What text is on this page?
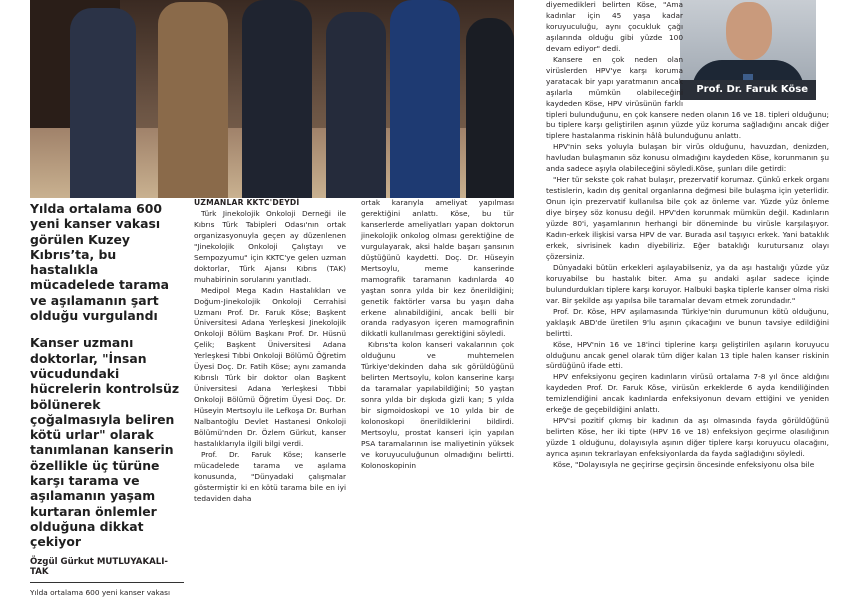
Yılda ortalama 600 yeni kanser vakası görülen Kuzey Kıbrıs’ta, bu hastalıkla mücadelede tarama ve aşılamanın şart olduğu vurgulandı

Kanser uzmanı doktorlar, "İnsan vücudundaki hücrelerin kontrolsüz bölünerek çoğalmasıyla beliren kötü urlar" olarak tanımlanan kanserin özellikle üç türüne karşı tarama ve aşılamanın yaşam kurtaran önlemler olduğuna dikkat çekiyor

Özgül Gürkut MUTLUYAKALI-TAK
Yılda ortalama 600 yeni kanser vakası
UZMANLAR KKTC'DEYDİ

Türk Jinekolojik Onkoloji Derneği ile Kıbrıs Türk Tabipleri Odası'nın ortak organizasyonuyla geçen ay düzenlenen "Jinekolojik Onkoloji Çalıştayı ve Sempozyumu" için KKTC'ye gelen uzman doktorlar, Türk Ajansı Kıbrıs (TAK) muhabirinin sorularını yanıtladı.

Medipol Mega Kadın Hastalıkları ve Doğum-Jinekolojik Onkoloji Cerrahisi Uzmanı Prof. Dr. Faruk Köse; Başkent Üniversitesi Adana Yerleşkesi Jinekolojik Onkoloji Bölüm Başkanı Prof. Dr. Hüsnü Çelik; Başkent Üniversitesi Adana Yerleşkesi Tıbbi Onkoloji Bölümü Öğretim Üyesi Doç. Dr. Fatih Köse; aynı zamanda Kıbrıslı Türk bir doktor olan Başkent Üniversitesi Adana Yerleşkesi Tıbbi Onkoloji Bölümü Öğretim Üyesi Doç. Dr. Hüseyin Mertsoylu ile Lefkoşa Dr. Burhan Nalbantoğlu Devlet Hastanesi Onkoloji Bölümü'nden Dr. Özlem Gürkut, kanser hastalıklarıyla ilgili bilgi verdi.

Prof. Dr. Faruk Köse; kanserle mücadelede tarama ve aşılama konusunda, "Dünyadaki çalışmalar göstermiştir ki en kötü tarama bile en iyi tedaviden daha

ortak kararıyla ameliyat yapılması gerektiğini anlattı. Köse, bu tür kanserlerde ameliyatları yapan doktorun jinekolojik onkolog olması gerektiğine de vurgulayarak, aksi halde başarı şansının düştüğünü kaydetti. Doç. Dr. Hüseyin Mertsoylu, meme kanserinde mamografik taramanın kadınlarda 40 yaştan sonra yılda bir kez önerildiğini; genetik faktörler varsa bu yaşın daha erkene alınabildiğini, ancak belli bir oranda radyasyon içeren mamografinin dikkatli kullanılması gerektiğini söyledi.

Kıbrıs'ta kolon kanseri vakalarının çok olduğunu ve muhtemelen Türkiye'dekinden daha sık görüldüğünü belirten Mertsoylu, kolon kanserine karşı da taramalar yapılabildiğini; 50 yaştan sonra yılda bir dışkıda gizli kan; 5 yılda bir sigmoidoskopi ve 10 yılda bir de kolonoskopi önerildiklerini bildirdi. Mertsoylu, prostat kanseri için yapılan PSA taramalarının ise maliyetinin yüksek ve koruyuculuğunun olmadığını belirtti. Kolonoskopinin

Prof. Dr. Faruk Köse

diyemedikleri belirten Köse, "Ama kadınlar için 45 yaşa kadar koruyuculuğu, aynı çocukluk çağı aşılarında olduğu gibi yüzde 100 devam ediyor" dedi.

Kansere en çok neden olan virüslerden HPV'ye karşı koruma yaratacak bir yapı yaratmanın ancak aşılarla mümkün olabileceğini kaydeden Köse, HPV virüsünün farklı tipleri bulunduğunu, en çok kansere neden olanın 16 ve 18. tipleri olduğunu; bu tiplere karşı geliştirilen aşının yüzde yüz koruma sağladığını ancak diğer tiplere hastalanma riskinin hâlâ bulunduğunu anlattı.

HPV'nin seks yoluyla bulaşan bir virüs olduğunu, havuzdan, denizden, havludan bulaşmanın söz konusu olmadığını kaydeden Köse, korunmanın şu anda sadece aşıyla olabileceğini söyledi.Köse, şunları dile getirdi:

"Her tür sekste çok rahat bulaşır, prezervatif korumaz. Çünkü erkek organı testislerin, kadın dış genital organlarına değmesi bile bulaşma için yeterlidir. Onun için prezervatif kullanılsa bile çok az önleme var. Yüzde yüz önleme diye birşey söz konusu değil. HPV'den korunmak mümkün değil. Kadınların yüzde 80'i, yaşamlarının herhangi bir döneminde bu virüsle karşılaşıyor. Kadın-erkek ilişkisi varsa HPV de var. Burada asıl taşıyıcı erkek. Yani bataklık erkek, sivrisinek kadın diyebiliriz. Eğer bataklığı kurutursanız olayı çözersiniz.

Dünyadaki bütün erkekleri aşılayabilseniz, ya da aşı hastalığı yüzde yüz koruyabilse bu hastalık biter. Ama şu andaki aşılar sadece içinde bulundurdukları tiplere karşı koruyor. Halbuki başka tiplerle kanser olma riski var. Bir şekilde aşı yapılsa bile taramalar devam etmek zorundadır."

Prof. Dr. Köse, HPV aşılamasında Türkiye'nin durumunun kötü olduğunu, yaklaşık ABD'de üretilen 9'lu aşının çıkacağını ve bunun tavsiye edildiğini belirtti.

Köse, HPV'nin 16 ve 18'inci tiplerine karşı geliştirilen aşıların koruyucu olduğunu ancak genel olarak tüm diğer kalan 13 tiple halen kanser riskinin sürdüğünü ifade etti.

HPV enfeksiyonu geçiren kadınların virüsü ortalama 7-8 yıl önce aldığını kaydeden Prof. Dr. Faruk Köse, virüsün erkeklerde 6 ayda kendiliğinden temizlendiğini ancak kadınlarda enfeksiyonun devam ettiğini ve yeniden erkeğe de geçebildiğini anlattı.

HPV'si pozitif çıkmış bir kadının da aşı olmasında fayda görüldüğünü belirten Köse, her iki tipte (HPV 16 ve 18) enfeksiyon geçirme olasılığının yüzde 1 olduğunu, dolayısıyla aşının diğer tiplere karşı koruyucu olacağını, ayrıca aşının tekrarlayan enfeksiyonlarda da fayda sağladığını söyledi.

Köse, "Dolayısıyla ne geçirirse geçirsin öncesinde enfeksiyonu olsa bile
